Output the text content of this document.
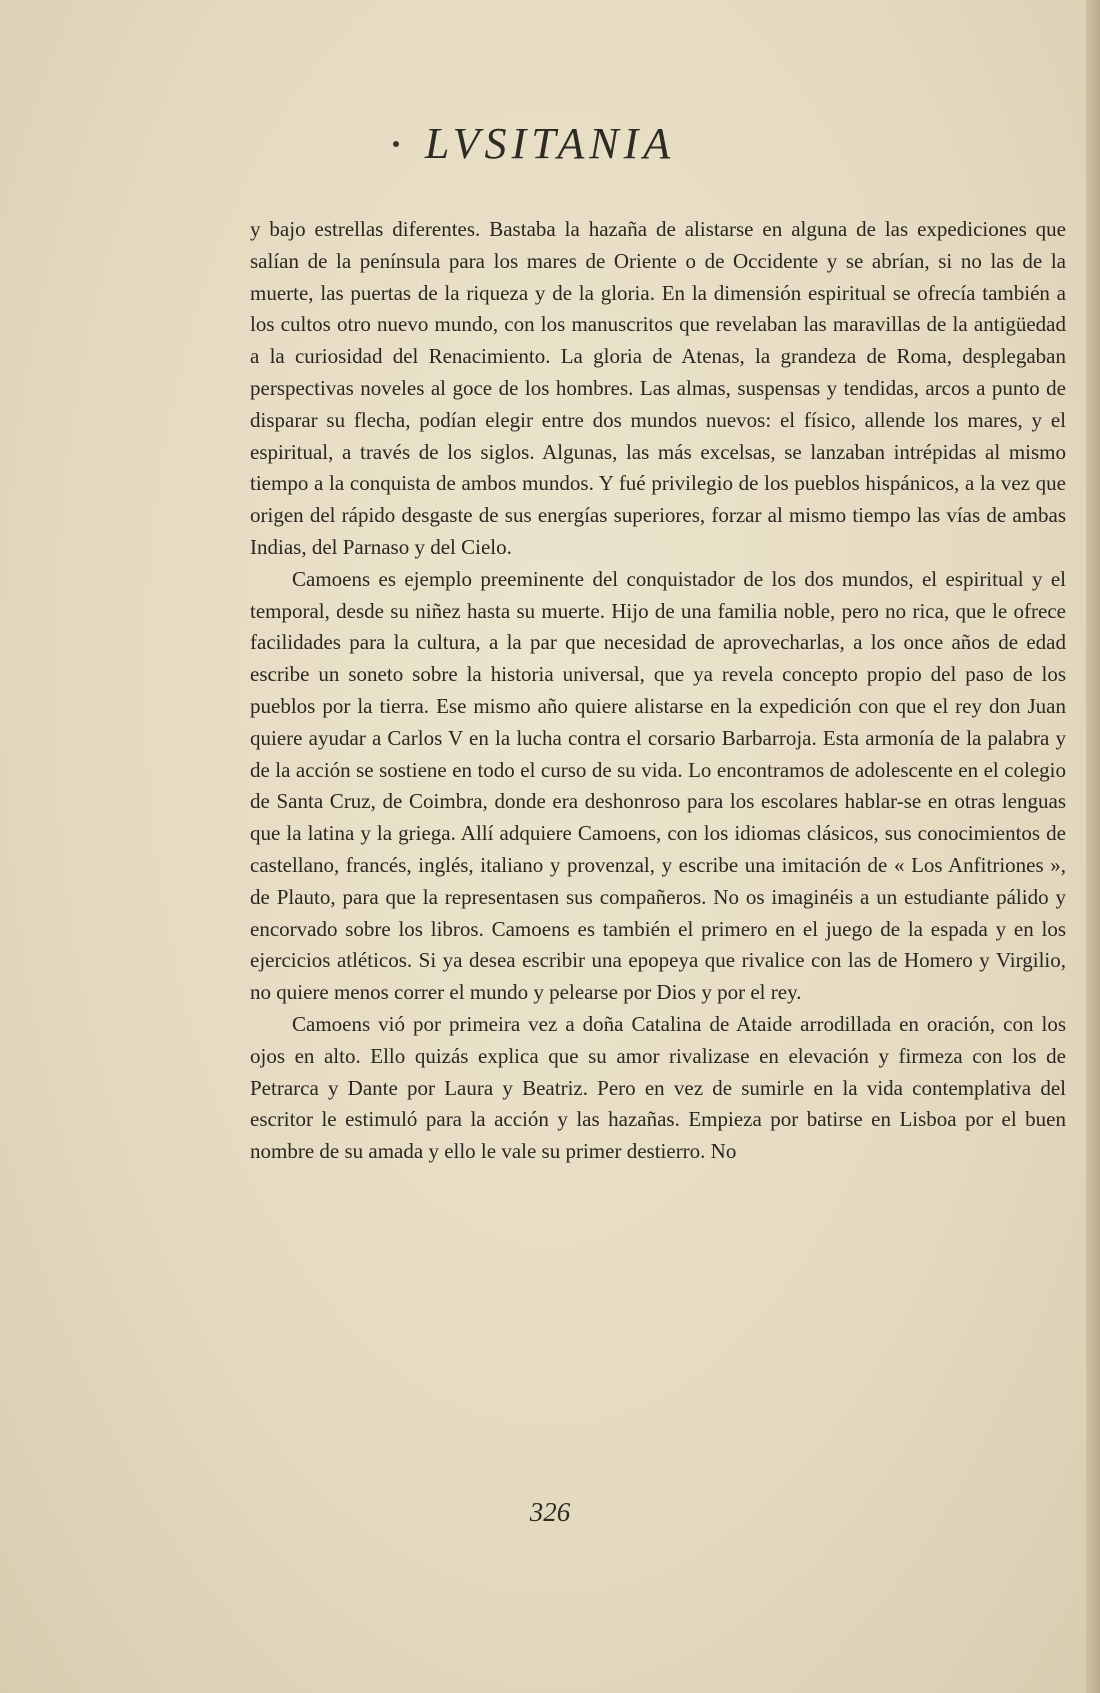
LVSITANIA

y bajo estrellas diferentes. Bastaba la hazaña de alistarse en alguna de las expediciones que salían de la península para los mares de Oriente o de Occidente y se abrían, si no las de la muerte, las puertas de la riqueza y de la gloria. En la dimensión espiritual se ofrecía también a los cultos otro nuevo mundo, con los manuscritos que revelaban las maravillas de la antigüedad a la curiosidad del Renacimiento. La gloria de Atenas, la grandeza de Roma, desplegaban perspectivas noveles al goce de los hombres. Las almas, suspensas y tendidas, arcos a punto de disparar su flecha, podían elegir entre dos mundos nuevos: el físico, allende los mares, y el espiritual, a través de los siglos. Algunas, las más excelsas, se lanzaban intrépidas al mismo tiempo a la conquista de ambos mundos. Y fué privilegio de los pueblos hispánicos, a la vez que origen del rápido desgaste de sus energías superiores, forzar al mismo tiempo las vías de ambas Indias, del Parnaso y del Cielo.

Camoens es ejemplo preeminente del conquistador de los dos mundos, el espiritual y el temporal, desde su niñez hasta su muerte. Hijo de una familia noble, pero no rica, que le ofrece facilidades para la cultura, a la par que necesidad de aprovecharlas, a los once años de edad escribe un soneto sobre la historia universal, que ya revela concepto propio del paso de los pueblos por la tierra. Ese mismo año quiere alistarse en la expedición con que el rey don Juan quiere ayudar a Carlos V en la lucha contra el corsario Barbarroja. Esta armonía de la palabra y de la acción se sostiene en todo el curso de su vida. Lo encontramos de adolescente en el colegio de Santa Cruz, de Coimbra, donde era deshonroso para los escolares hablar-se en otras lenguas que la latina y la griega. Allí adquiere Camoens, con los idiomas clásicos, sus conocimientos de castellano, francés, inglés, italiano y provenzal, y escribe una imitación de « Los Anfitriones », de Plauto, para que la representasen sus compañeros. No os imaginéis a un estudiante pálido y encorvado sobre los libros. Camoens es también el primero en el juego de la espada y en los ejercicios atléticos. Si ya desea escribir una epopeya que rivalice con las de Homero y Virgilio, no quiere menos correr el mundo y pelearse por Dios y por el rey.

Camoens vió por primeira vez a doña Catalina de Ataide arrodillada en oración, con los ojos en alto. Ello quizás explica que su amor rivalizase en elevación y firmeza con los de Petrarca y Dante por Laura y Beatriz. Pero en vez de sumirle en la vida contemplativa del escritor le estimuló para la acción y las hazañas. Empieza por batirse en Lisboa por el buen nombre de su amada y ello le vale su primer destierro. No

326
